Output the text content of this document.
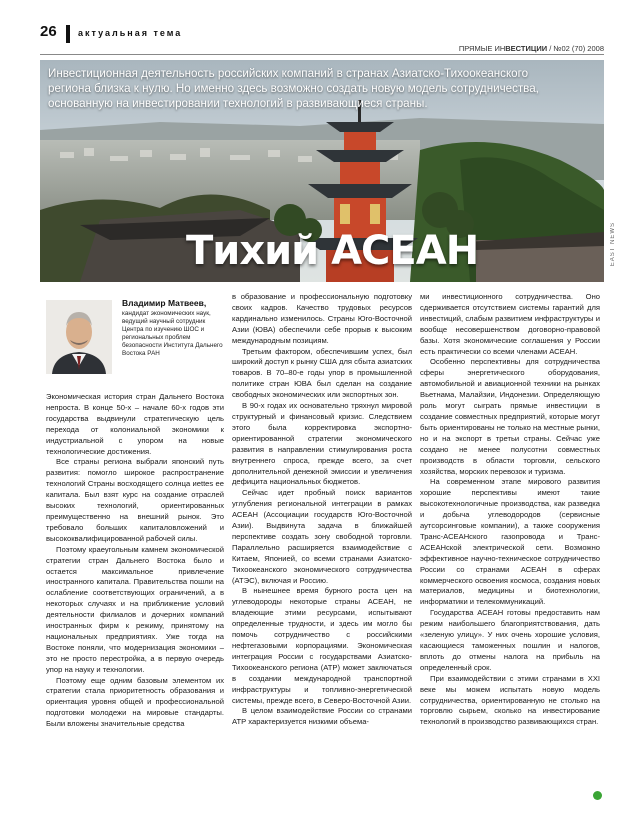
26 актуальная тема
ПРЯМЫЕ ИНВЕСТИЦИИ / №02 (70) 2008
Инвестиционная деятельность российских компаний в странах Азиатско-Тихоокеанского региона близка к нулю. Но именно здесь возможно создать новую модель сотрудничества, основанную на инвестировании технологий в развивающиеся страны.
Тихий АСЕАН	EAST NEWS
Владимир Матвеев,
кандидат экономических наук, ведущий научный сотрудник Центра по изучению ШОС и региональных проблем безопасности Института Дальнего Востока РАН

Экономическая история стран Дальнего Востока непроста. В конце 50-х – начале 60-х годов эти государства выдвинули стратегическую цель перехода от колониальной экономики к индустриальной с упором на новые технологические достижения.

Все страны региона выбрали японский путь развития: помогло широкое распространение технологий Страны восходящего солнца иettes ее капитала. Был взят курс на создание отраслей высоких технологий, ориентированных преимущественно на внешний рынок. Это требовало больших капиталовложений и высококвалифицированной рабочей силы.

Поэтому краеугольным камнем экономической стратегии стран Дальнего Востока было и остается максимальное привлечение иностранного капитала. Правительства пошли на ослабление соответствующих ограничений, а в некоторых случаях и на приближение условий деятельности филиалов и дочерних компаний иностранных фирм к режиму, принятому на национальных предприятиях. Уже тогда на Востоке поняли, что модернизация экономики – это не просто перестройка, а в первую очередь упор на науку и технологии.

Поэтому еще одним базовым элементом их стратегии стала приоритетность образования и ориентация уровня общей и профессиональной подготовки молодежи на мировые стандарты. Были вложены значительные средства

в образование и профессиональную подготовку своих кадров. Качество трудовых ресурсов кардинально изменилось. Страны Юго-Восточной Азии (ЮВА) обеспечили себе прорыв к высоким международным позициям.

Третьим фактором, обеспечившим успех, был широкий доступ к рынку США для сбыта азиатских товаров. В 70–80-е годы упор в промышленной политике стран ЮВА был сделан на создание свободных экономических или экспортных зон.

В 90-х годах их основательно тряхнул мировой структурный и финансовый кризис. Следствием этого была корректировка экспортно-ориентированной стратегии экономического развития в направлении стимулирования роста внутреннего спроса, прежде всего, за счет дополнительной денежной эмиссии и увеличения дефицита национальных бюджетов.

Сейчас идет пробный поиск вариантов углубления региональной интеграции в рамках АСЕАН (Ассоциации государств Юго-Восточной Азии). Выдвинута задача в ближайшей перспективе создать зону свободной торговли. Параллельно расширяется взаимодействие с Китаем, Японией, со всеми странами Азиатско-Тихоокеанского экономического сотрудничества (АТЭС), включая и Россию.

В нынешнее время бурного роста цен на углеводороды некоторые страны АСЕАН, не владеющие этими ресурсами, испытывают определенные трудности, и здесь им могло бы помочь сотрудничество с российскими нефтегазовыми корпорациями. Экономическая интеграция России с государствами Азиатско-Тихоокеанского региона (АТР) может заключаться в создании международной транспортной инфраструктуры и топливно-энергетической системы, прежде всего, в Северо-Восточной Азии.

В целом взаимодействие России со странами АТР характеризуется низкими объема-

ми инвестиционного сотрудничества. Оно сдерживается отсутствием системы гарантий для инвестиций, слабым развитием инфраструктуры и вообще несовершенством договорно-правовой базы. Хотя экономические соглашения у России есть практически со всеми членами АСЕАН.

Особенно перспективны для сотрудничества сферы энергетического оборудования, автомобильной и авиационной техники на рынках Вьетнама, Малайзии, Индонезии. Определяющую роль могут сыграть прямые инвестиции в создание совместных предприятий, которые могут быть ориентированы не только на местные рынки, но и на экспорт в третьи страны. Сейчас уже создано не менее полусотни совместных производств в области торговли, сельского хозяйства, морских перевозок и туризма.

На современном этапе мирового развития хорошие перспективы имеют такие высокотехнологичные производства, как разведка и добыча углеводородов (сервисные аутсорсинговые компании), а также сооружения Транс-АСЕАНского газопровода и Транс-АСЕАНской электрической сети. Возможно эффективное научно-техническое сотрудничество России со странами АСЕАН в сферах коммерческого освоения космоса, создания новых материалов, медицины и биотехнологии, информатики и телекоммуникаций.

Государства АСЕАН готовы предоставить нам режим наибольшего благоприятствования, дать «зеленую улицу». У них очень хорошие условия, касающиеся таможенных пошлин и налогов, вплоть до отмены налога на прибыль на определенный срок.

При взаимодействии с этими странами в XXI веке мы можем испытать новую модель сотрудничества, ориентированную не столько на торговлю сырьем, сколько на инвестирование технологий в производство развивающихся стран.
